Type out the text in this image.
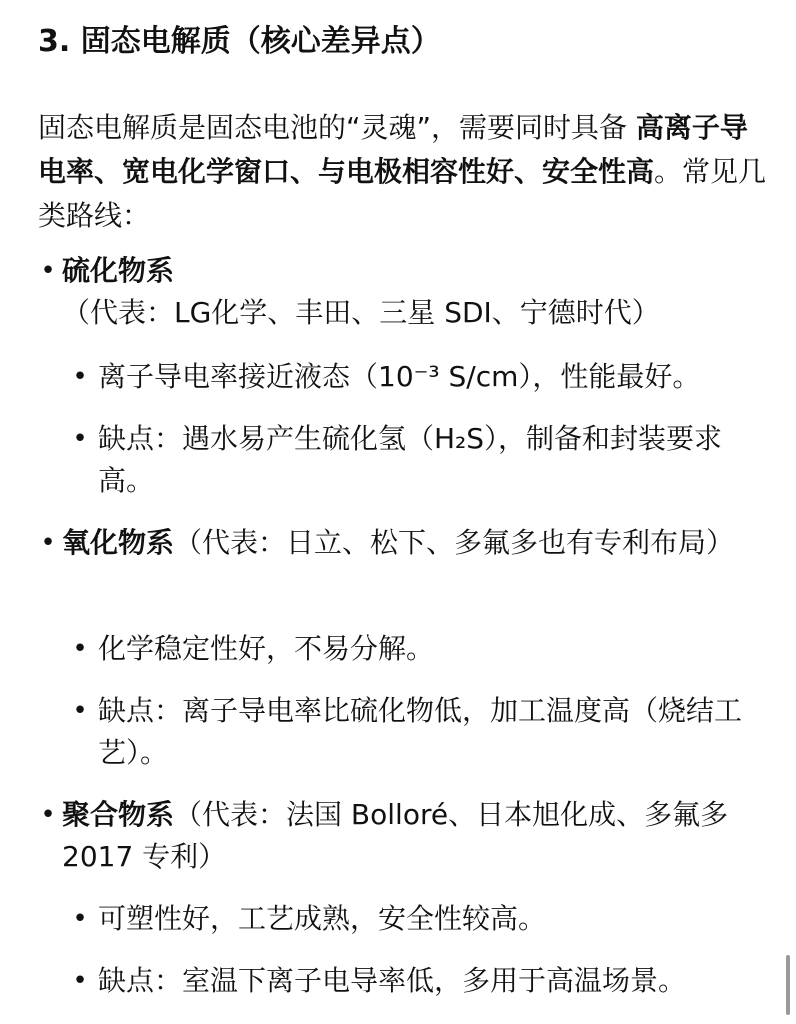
3. 固态电解质（核心差异点）
固态电解质是固态电池的“灵魂”，需要同时具备 高离子导电率、宽电化学窗口、与电极相容性好、安全性高。常见几类路线：
• 硫化物系（代表：LG化学、丰田、三星 SDI、宁德时代）
• 离子导电率接近液态（10⁻³ S/cm），性能最好。
• 缺点：遇水易产生硫化氢（H₂S），制备和封装要求高。
• 氧化物系（代表：日立、松下、多氟多也有专利布局）
• 化学稳定性好，不易分解。
• 缺点：离子导电率比硫化物低，加工温度高（烧结工艺）。
• 聚合物系（代表：法国 Bolloré、日本旭化成、多氟多 2017 专利）
• 可塑性好，工艺成熟，安全性较高。
• 缺点：室温下离子电导率低，多用于高温场景。
